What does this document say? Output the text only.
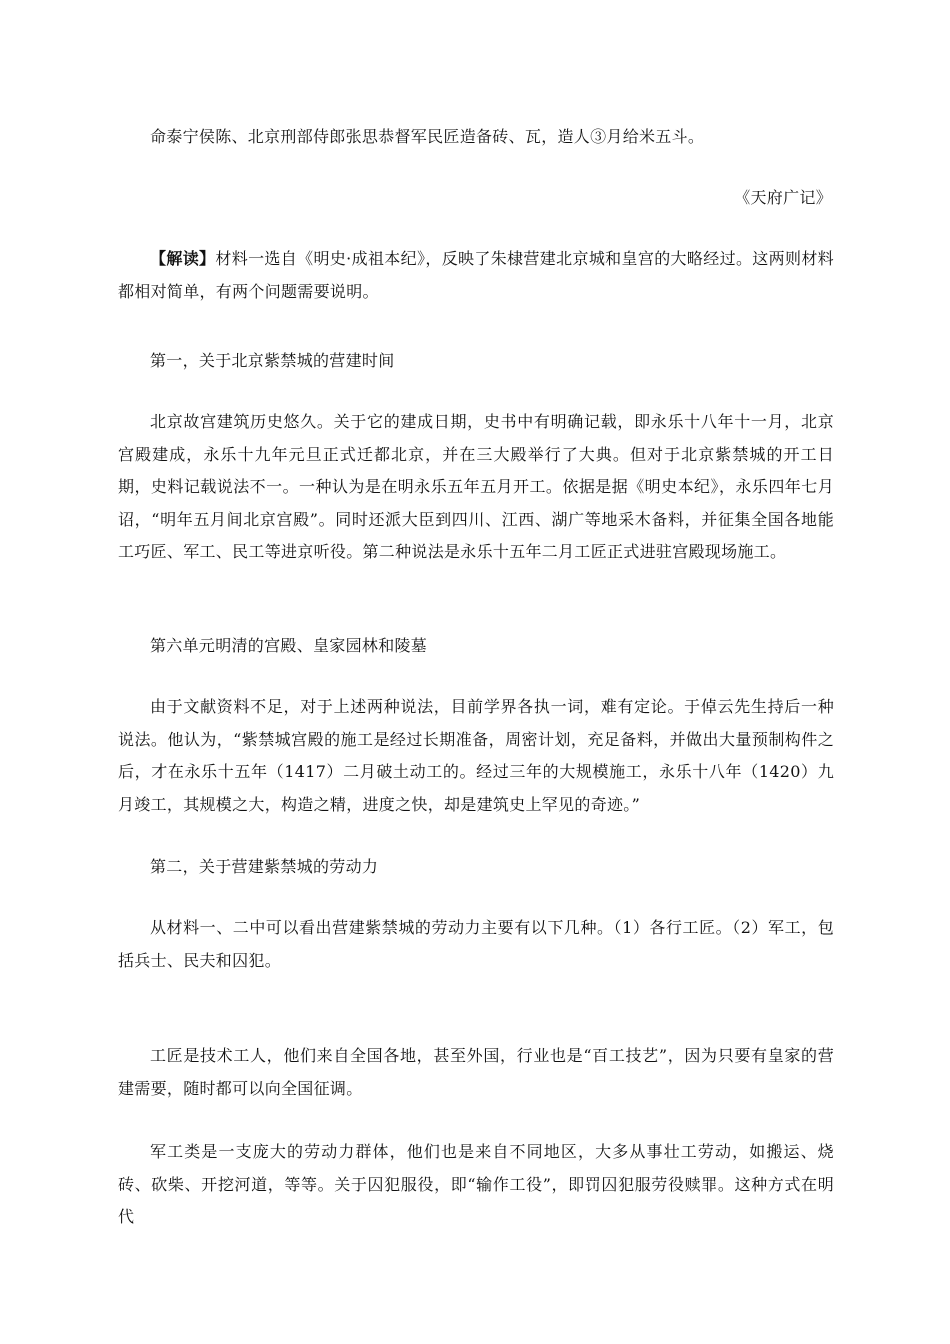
命泰宁侯陈、北京刑部侍郎张思恭督军民匠造备砖、瓦，造人③月给米五斗。
《天府广记》
【解读】材料一选自《明史·成祖本纪》，反映了朱棣营建北京城和皇宫的大略经过。这两则材料都相对简单，有两个问题需要说明。
第一，关于北京紫禁城的营建时间
北京故宫建筑历史悠久。关于它的建成日期，史书中有明确记载，即永乐十八年十一月，北京宫殿建成，永乐十九年元旦正式迁都北京，并在三大殿举行了大典。但对于北京紫禁城的开工日期，史料记载说法不一。一种认为是在明永乐五年五月开工。依据是据《明史本纪》，永乐四年七月诏，“明年五月间北京宫殿”。同时还派大臣到四川、江西、湖广等地采木备料，并征集全国各地能工巧匠、军工、民工等进京听役。第二种说法是永乐十五年二月工匠正式进驻宫殿现场施工。
第六单元明清的宫殿、皇家园林和陵墓
由于文献资料不足，对于上述两种说法，目前学界各执一词，难有定论。于倬云先生持后一种说法。他认为，“紫禁城宫殿的施工是经过长期准备，周密计划，充足备料，并做出大量预制构件之后，才在永乐十五年（1417）二月破土动工的。经过三年的大规模施工，永乐十八年（1420）九月竣工，其规模之大，构造之精，进度之快，却是建筑史上罕见的奇迹。”
第二，关于营建紫禁城的劳动力
从材料一、二中可以看出营建紫禁城的劳动力主要有以下几种。（1）各行工匠。（2）军工，包括兵士、民夫和囚犯。
工匠是技术工人，他们来自全国各地，甚至外国，行业也是“百工技艺”，因为只要有皇家的营建需要，随时都可以向全国征调。
军工类是一支庞大的劳动力群体，他们也是来自不同地区，大多从事壮工劳动，如搬运、烧砖、砍柴、开挖河道，等等。关于囚犯服役，即“输作工役”，即罚囚犯服劳役赎罪。这种方式在明代
